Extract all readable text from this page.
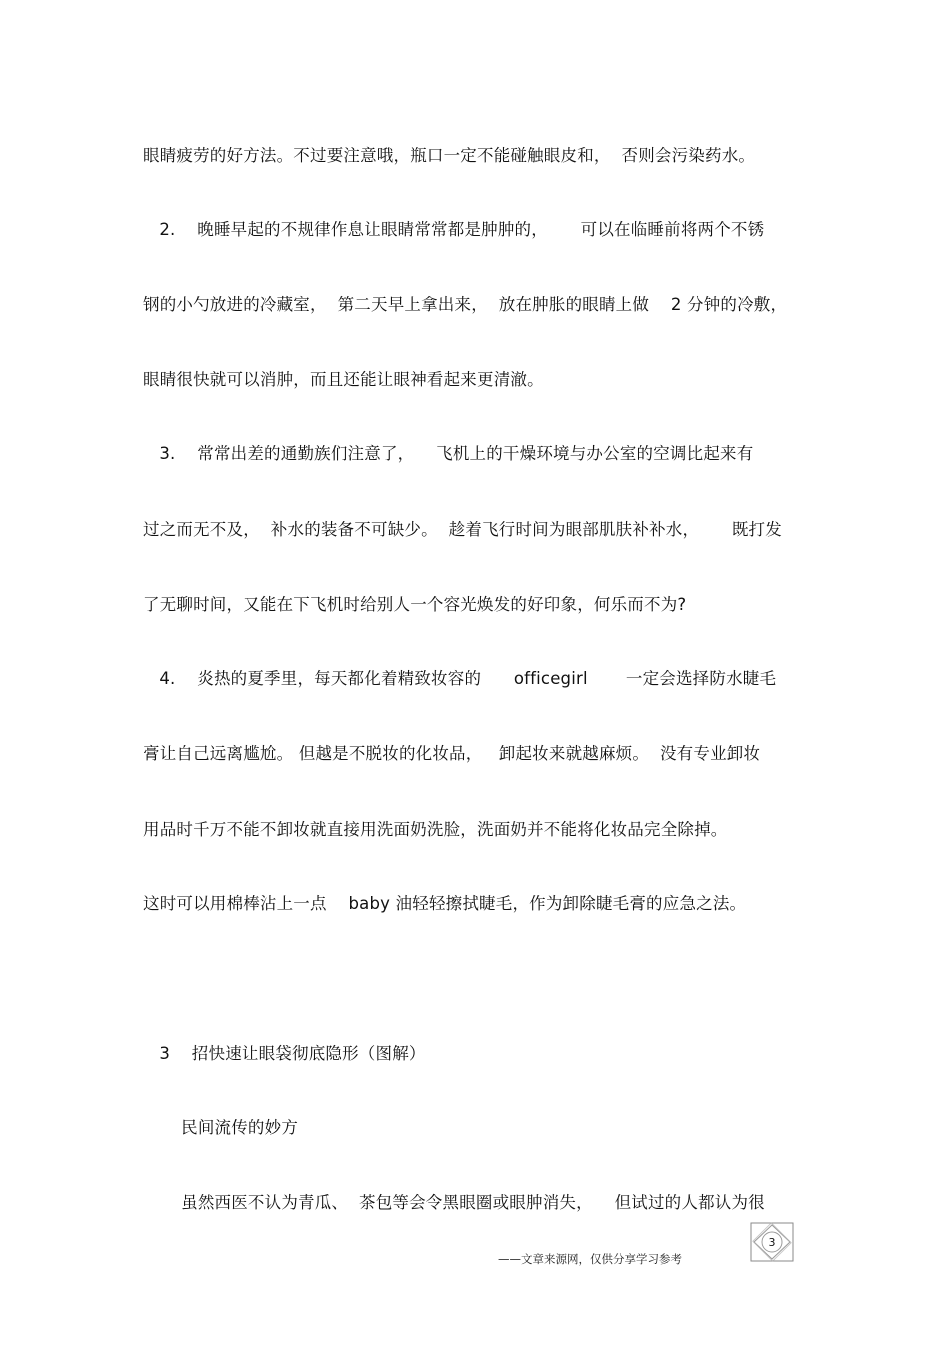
眼睛疲劳的好方法。不过要注意哦，瓶口一定不能碰触眼皮和，  否则会污染药水。
2.    晚睡早起的不规律作息让眼睛常常都是肿肿的，      可以在临睡前将两个不锈
钢的小勺放进的冷藏室，  第二天早上拿出来，  放在肿胀的眼睛上做    2 分钟的冷敷，
眼睛很快就可以消肿，而且还能让眼神看起来更清澈。
3.    常常出差的通勤族们注意了，    飞机上的干燥环境与办公室的空调比起来有
过之而无不及，  补水的装备不可缺少。  趁着飞行时间为眼部肌肤补补水，      既打发
了无聊时间，又能在下飞机时给别人一个容光焕发的好印象，何乐而不为?
4.    炎热的夏季里，每天都化着精致妆容的      officegirl       一定会选择防水睫毛
膏让自己远离尴尬。 但越是不脱妆的化妆品，   卸起妆来就越麻烦。  没有专业卸妆
用品时千万不能不卸妆就直接用洗面奶洗脸，洗面奶并不能将化妆品完全除掉。
这时可以用棉棒沾上一点    baby 油轻轻擦拭睫毛，作为卸除睫毛膏的应急之法。
3    招快速让眼袋彻底隐形（图解）
民间流传的妙方
虽然西医不认为青瓜、  茶包等会令黑眼圈或眼肿消失，    但试过的人都认为很
——文章来源网，仅供分享学习参考
3
